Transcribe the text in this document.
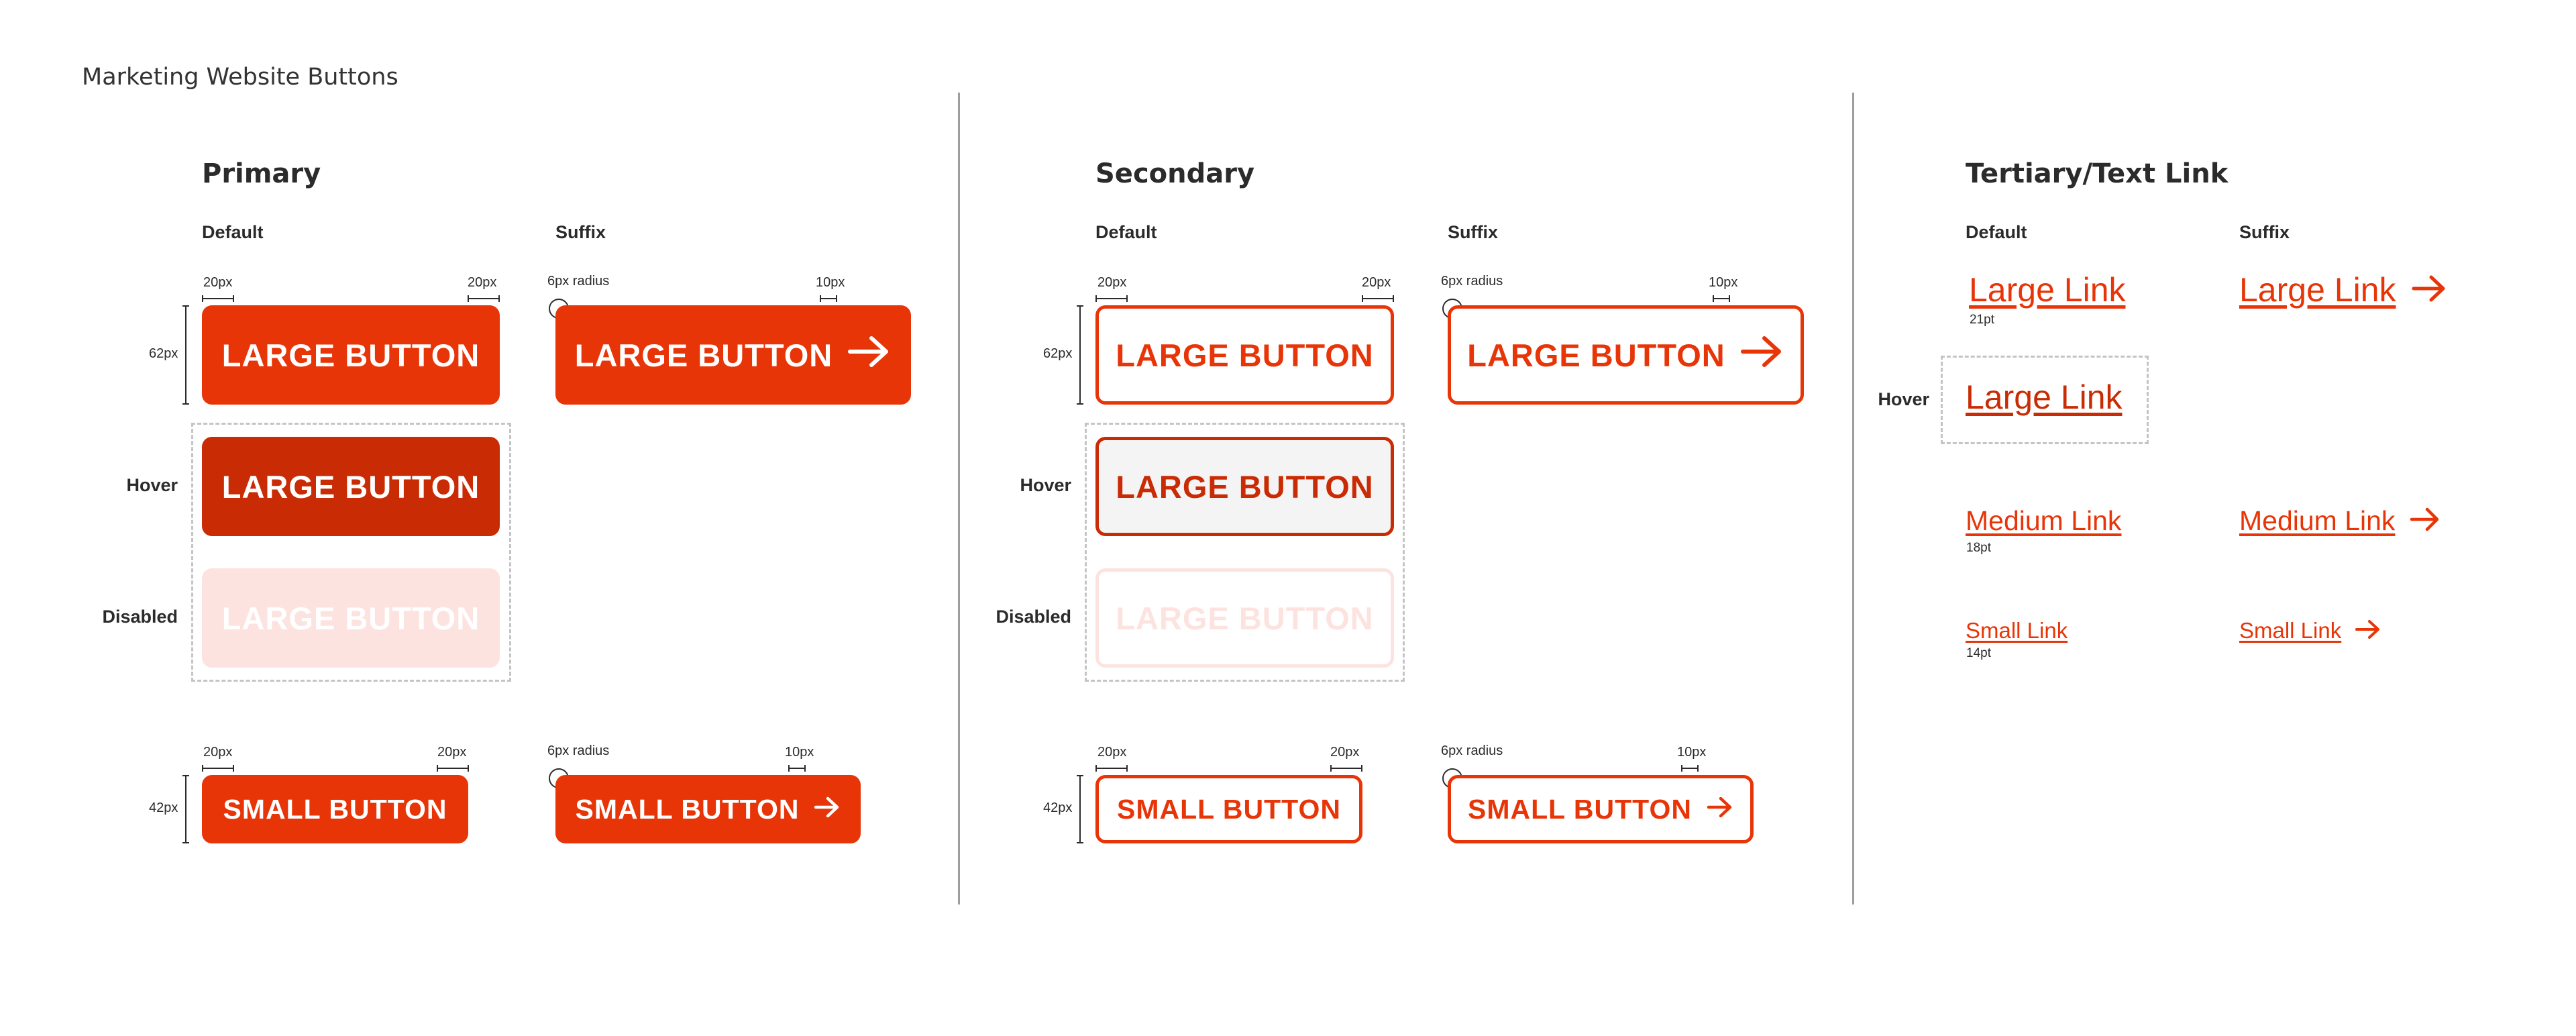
Marketing Website Buttons
Primary
Default	Suffix
20px	20px
62px
6px radius	10px
LARGE BUTTON	LARGE BUTTON
Hover LARGE BUTTON
Disabled LARGE BUTTON
20px	20px
42px
6px radius	10px
SMALL BUTTON	SMALL BUTTON
Secondary
Default	Suffix
20px	20px
62px
6px radius	10px
LARGE BUTTON	LARGE BUTTON
Hover LARGE BUTTON
Disabled LARGE BUTTON
20px	20px
42px
6px radius	10px
SMALL BUTTON	SMALL BUTTON
Tertiary/Text Link
Default	Suffix
Large Link
21pt
Large Link
Hover Large Link
Medium Link
18pt
Medium Link
Small Link
14pt
Small Link
